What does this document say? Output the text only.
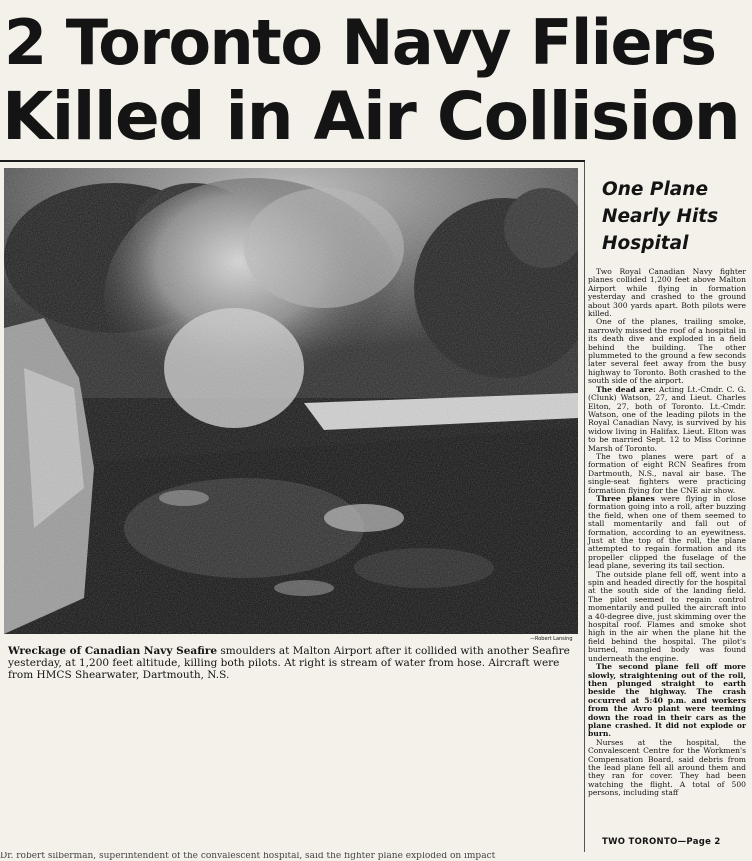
2 Toronto Navy Fliers
Killed in Air Collision
—Robert Lansing
Wreckage of Canadian Navy Seafire smoulders at Malton Airport after it collided with another Seafire yesterday, at 1,200 feet altitude, killing both pilots. At right is stream of water from hose. Aircraft were from HMCS Shearwater, Dartmouth, N.S.
One Plane
Nearly Hits
Hospital

Two Royal Canadian Navy fighter planes collided 1,200 feet above Malton Airport while flying in formation yesterday and crashed to the ground about 300 yards apart. Both pilots were killed.

One of the planes, trailing smoke, narrowly missed the roof of a hospital in its death dive and exploded in a field behind the building. The other plummeted to the ground a few seconds later several feet away from the busy highway to Toronto. Both crashed to the south side of the airport.

The dead are: Acting Lt.-Cmdr. C. G. (Clunk) Watson, 27, and Lieut. Charles Elton, 27, both of Toronto. Lt.-Cmdr. Watson, one of the leading pilots in the Royal Canadian Navy, is survived by his widow living in Halifax. Lieut. Elton was to be married Sept. 12 to Miss Corinne Marsh of Toronto.

The two planes were part of a formation of eight RCN Seafires from Dartmouth, N.S., naval air base. The single-seat fighters were practicing formation flying for the CNE air show.

Three planes were flying in close formation going into a roll, after buzzing the field, when one of them seemed to stall momentarily and fall out of formation, according to an eyewitness. Just at the top of the roll, the plane attempted to regain formation and its propeller clipped the fuselage of the lead plane, severing its tail section.

The outside plane fell off, went into a spin and headed directly for the hospital at the south side of the landing field. The pilot seemed to regain control momentarily and pulled the aircraft into a 40-degree dive, just skimming over the hospital roof. Flames and smoke shot high in the air when the plane hit the field behind the hospital. The pilot's burned, mangled body was found underneath the engine.

The second plane fell off more slowly, straightening out of the roll, then plunged straight to earth beside the highway. The crash occurred at 5:40 p.m. and workers from the Avro plant were teeming down the road in their cars as the plane crashed. It did not explode or burn.

Nurses at the hospital, the Convalescent Centre for the Workmen's Compensation Board, said debris from the lead plane fell all around them and they ran for cover. They had been watching the flight. A total of 500 persons, including staff

TWO TORONTO—Page 2
Dr. robert silberman, superintendent of the convalescent hospital, said the fighter plane exploded on impact
